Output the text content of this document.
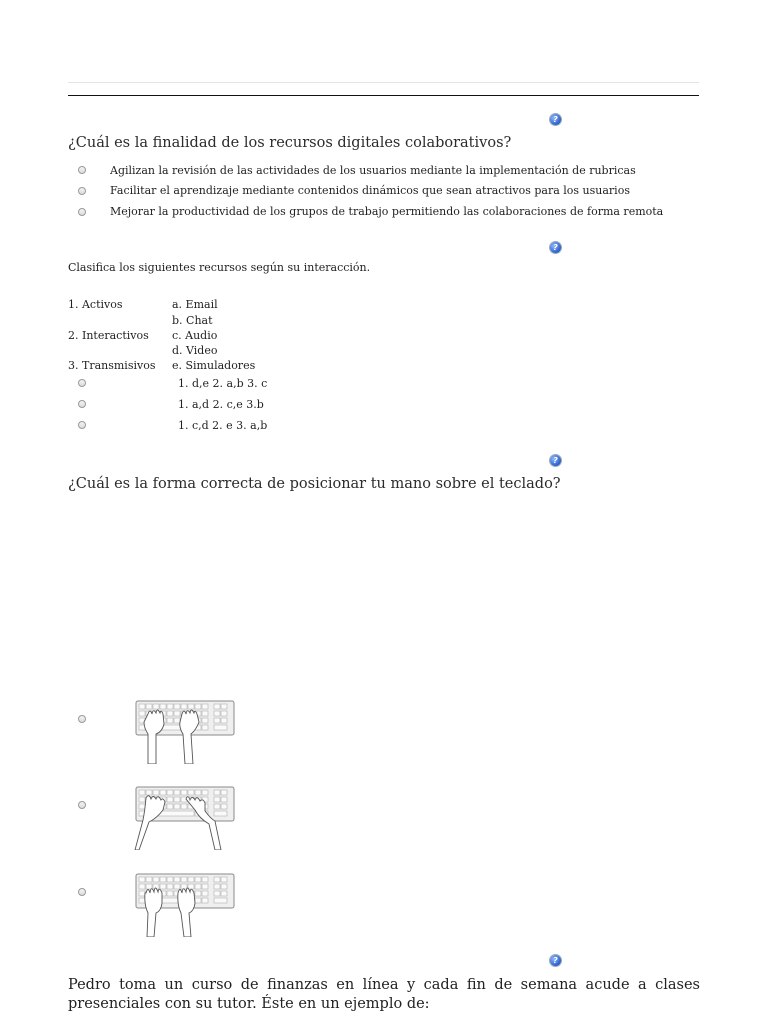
?
¿Cuál es la finalidad de los recursos digitales colaborativos?
Agilizan la revisión de las actividades de los usuarios mediante la implementación de rubricas
Facilitar el aprendizaje mediante contenidos dinámicos que sean atractivos para los usuarios
Mejorar la productividad de los grupos de trabajo permitiendo las colaboraciones de forma remota
?
Clasifica los siguientes recursos según su interacción.
1. Activos
2. Interactivos
3. Transmisivos
a. Email
b. Chat
c. Audio
d. Video
e. Simuladores
1. d,e 2. a,b 3. c
1. a,d 2. c,e 3.b
1. c,d 2. e 3. a,b
?
¿Cuál es la forma correcta de posicionar tu mano sobre el teclado?
?
Pedro toma un curso de finanzas en línea y cada fin de semana acude a clases presenciales con su tutor. Éste en un ejemplo de:
